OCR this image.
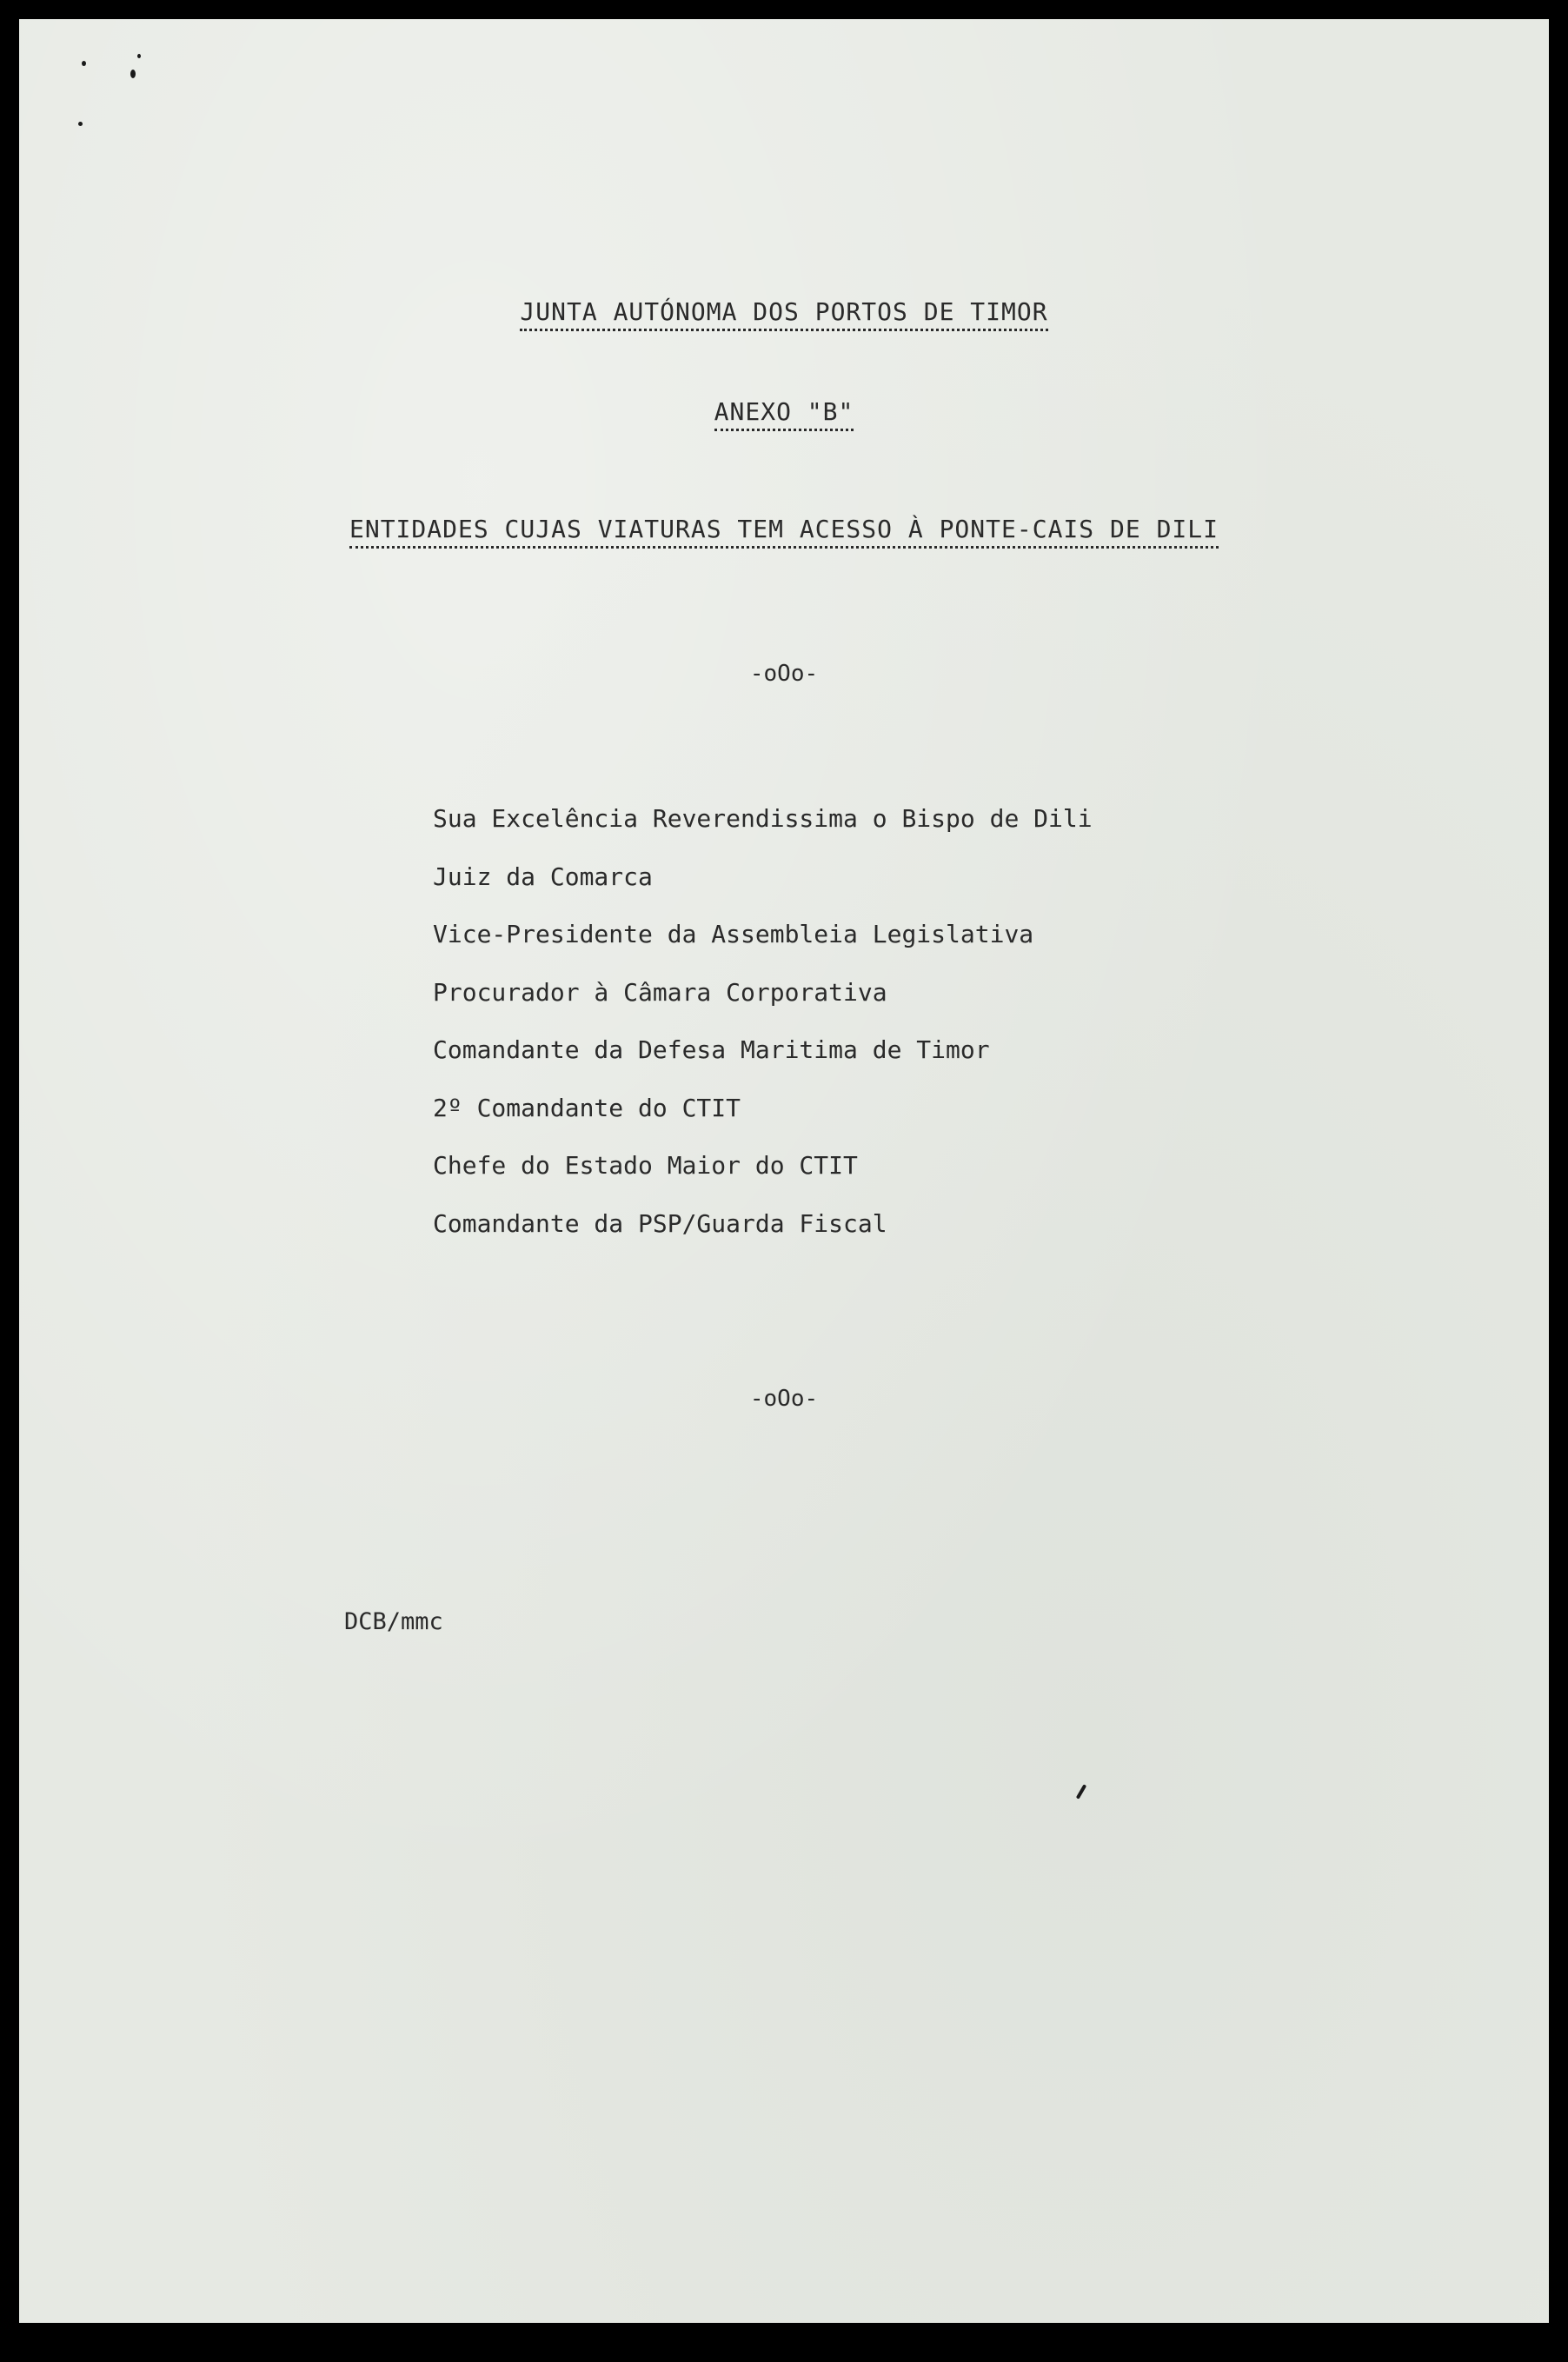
JUNTA AUTÓNOMA DOS PORTOS DE TIMOR
ANEXO "B"
ENTIDADES CUJAS VIATURAS TEM ACESSO À PONTE-CAIS DE DILI
-oOo-
Sua Excelência Reverendissima o Bispo de Dili
Juiz da Comarca
Vice-Presidente da Assembleia Legislativa
Procurador à Câmara Corporativa
Comandante da Defesa Maritima de Timor
2º Comandante do CTIT
Chefe do Estado Maior do CTIT
Comandante da PSP/Guarda Fiscal
-oOo-
DCB/mmc
